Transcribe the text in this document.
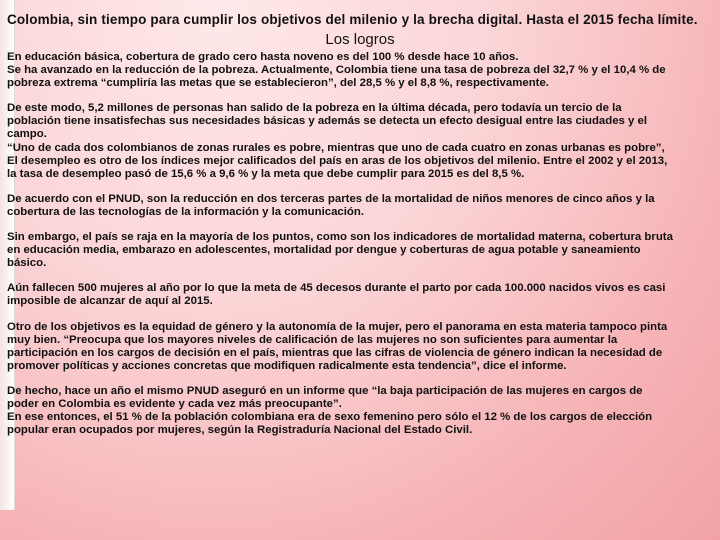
Colombia, sin tiempo para cumplir los objetivos del milenio y la brecha digital. Hasta el 2015 fecha límite.

Los logros

En educación básica, cobertura de grado cero hasta noveno es del 100 % desde hace 10 años.
Se ha avanzado en la reducción de la pobreza. Actualmente, Colombia tiene una tasa de pobreza del 32,7 % y el 10,4 % de
pobreza extrema “cumpliría las metas que se establecieron”, del 28,5 % y el 8,8 %, respectivamente.

De este modo, 5,2 millones de personas han salido de la pobreza en la última década, pero todavía un tercio de la
población tiene insatisfechas sus necesidades básicas y además se detecta un efecto desigual entre las ciudades y el
campo.
“Uno de cada dos colombianos de zonas rurales es pobre, mientras que uno de cada cuatro en zonas urbanas es pobre”,
El desempleo es otro de los índices mejor calificados del país en aras de los objetivos del milenio. Entre el 2002 y el 2013,
la tasa de desempleo pasó de 15,6 % a 9,6 % y la meta que debe cumplir para 2015 es del 8,5 %.

De acuerdo con el PNUD, son la reducción en dos terceras partes de la mortalidad de niños menores de cinco años y la
cobertura de las tecnologías de la información y la comunicación.

Sin embargo, el país se raja en la mayoría de los puntos, como son los indicadores de mortalidad materna, cobertura bruta
en educación media, embarazo en adolescentes, mortalidad por dengue y coberturas de agua potable y saneamiento
básico.

Aún fallecen 500 mujeres al año por lo que la meta de 45 decesos durante el parto por cada 100.000 nacidos vivos es casi
imposible de alcanzar de aquí al 2015.

Otro de los objetivos es la equidad de género y la autonomía de la mujer, pero el panorama en esta materia tampoco pinta
muy bien. “Preocupa que los mayores niveles de calificación de las mujeres no son suficientes para aumentar la
participación en los cargos de decisión en el país, mientras que las cifras de violencia de género indican la necesidad de
promover políticas y acciones concretas que modifiquen radicalmente esta tendencia”, dice el informe.

De hecho, hace un año el mismo PNUD aseguró en un informe que “la baja participación de las mujeres en cargos de
poder en Colombia es evidente y cada vez más preocupante”.
En ese entonces, el 51 % de la población colombiana era de sexo femenino pero sólo el 12 % de los cargos de elección
popular eran ocupados por mujeres, según la Registraduría Nacional del Estado Civil.
